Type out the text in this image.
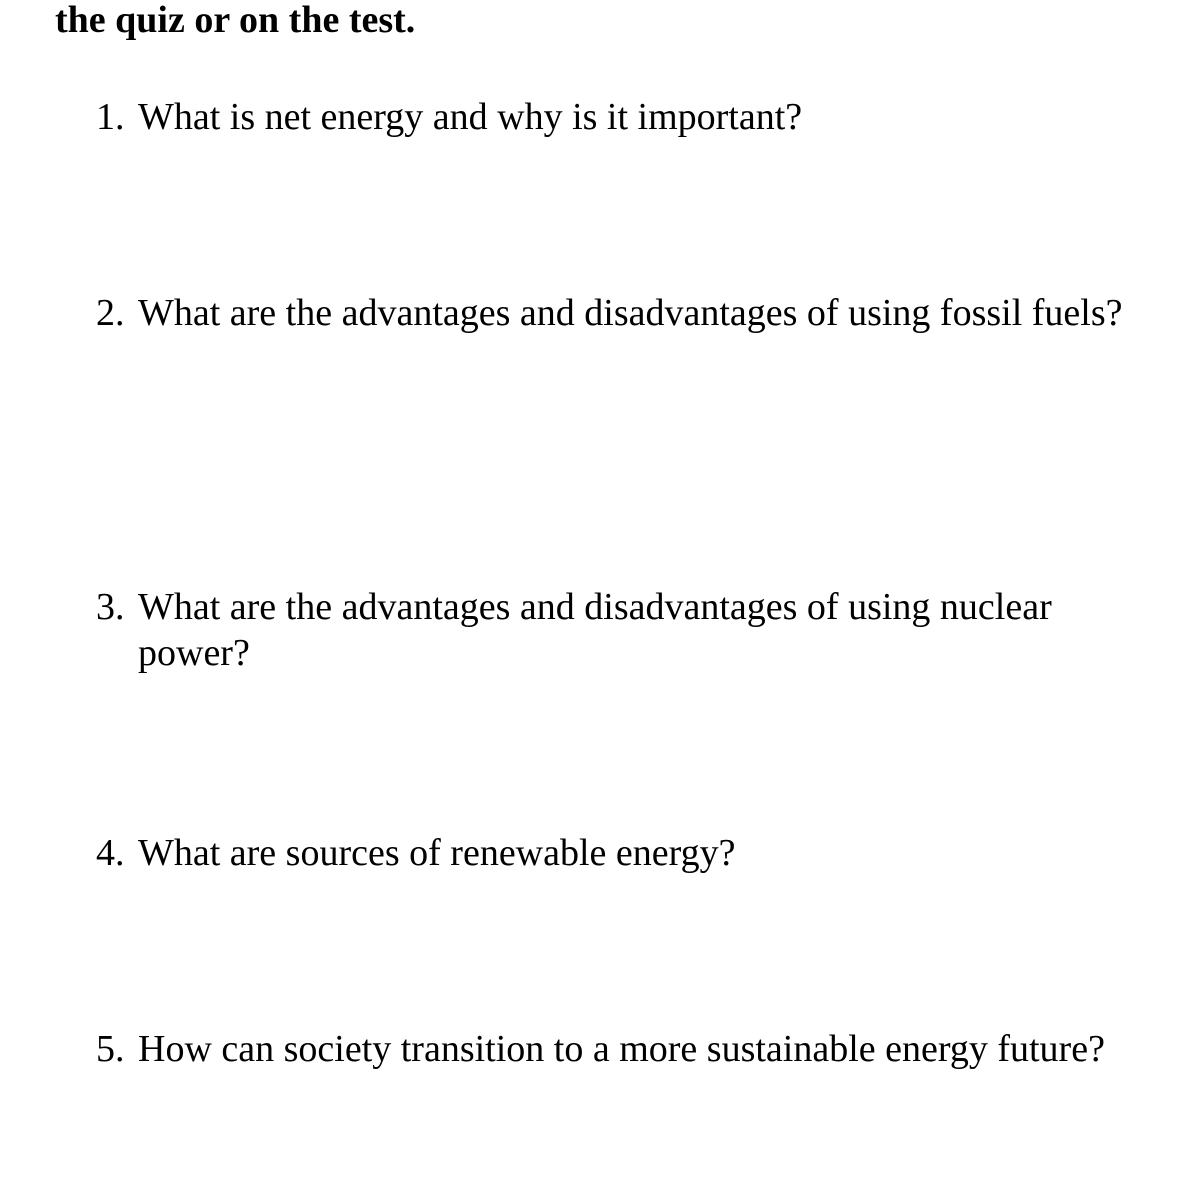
the quiz or on the test.
1. What is net energy and why is it important?
2. What are the advantages and disadvantages of using fossil fuels?
3. What are the advantages and disadvantages of using nuclear power?
4. What are sources of renewable energy?
5. How can society transition to a more sustainable energy future?
